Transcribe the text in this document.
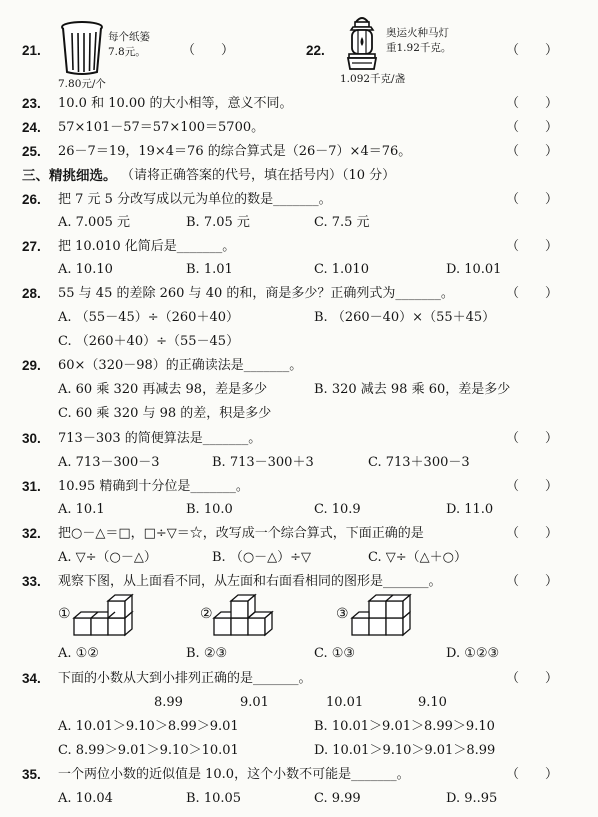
21.
每个纸篓
7.8元。
7.80元/个
（　　）	22.
奥运火种马灯
重1.92千克。
1.092千克/盏
（　　）
23. 10.0 和 10.00 的大小相等，意义不同。	（　　）
24. 57×101－57＝57×100＝5700。	（　　）
25. 26－7＝19，19×4＝76 的综合算式是（26－7）×4＝76。	（　　）
三、精挑细选。 （请将正确答案的代号，填在括号内）（10 分）
26. 把 7 元 5 分改写成以元为单位的数是_______。	（　　）
A. 7.005 元	B. 7.05 元	C. 7.5 元
27. 把 10.010 化简后是_______。	（　　）
A. 10.10	B. 1.01	C. 1.010	D. 10.01
28. 55 与 45 的差除 260 与 40 的和，商是多少？正确列式为_______。	（　　）
A. （55－45）÷（260＋40）	B. （260－40）×（55＋45）
C. （260＋40）÷（55－45）
29. 60×（320－98）的正确读法是_______。
A. 60 乘 320 再减去 98，差是多少	B. 320 减去 98 乘 60，差是多少
C. 60 乘 320 与 98 的差，积是多少
30. 713－303 的简便算法是_______。	（　　）
A. 713－300－3	B. 713－300＋3	C. 713＋300－3
31. 10.95 精确到十分位是_______。	（　　）
A. 10.1	B. 10.0	C. 10.9	D. 11.0
32. 把○－△＝□，□÷▽＝☆，改写成一个综合算式，下面正确的是	（　　）
A. ▽÷（○－△）	B. （○－△）÷▽	C. ▽÷（△＋○）
33. 观察下图，从上面看不同，从左面和右面看相同的图形是_______。	（　　）
①	②	③
A. ①②	B. ②③	C. ①③	D. ①②③
34. 下面的小数从大到小排列正确的是_______。	（　　）
8.99	9.01	10.01	9.10
A. 10.01＞9.10＞8.99＞9.01	B. 10.01＞9.01＞8.99＞9.10
C. 8.99＞9.01＞9.10＞10.01	D. 10.01＞9.10＞9.01＞8.99
35. 一个两位小数的近似值是 10.0，这个小数不可能是_______。	（　　）
A. 10.04	B. 10.05	C. 9.99	D. 9..95
